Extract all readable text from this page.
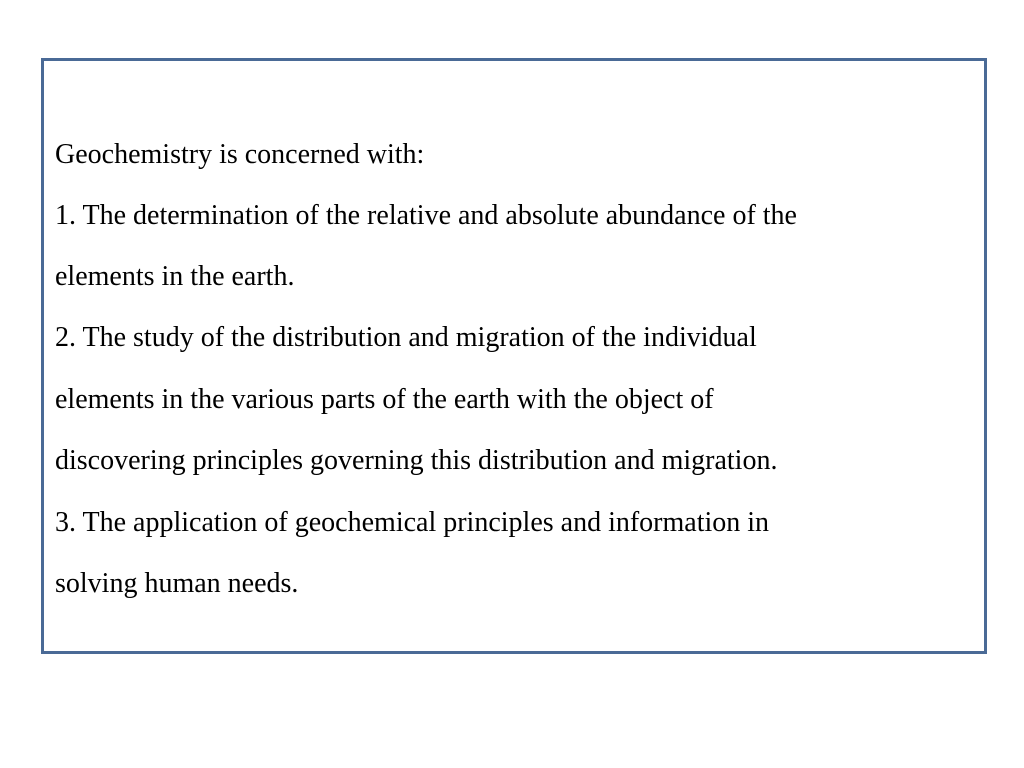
Geochemistry is concerned with:
1. The determination of the relative and absolute abundance of the
elements in the earth.
2. The study of the distribution and migration of the individual
elements in the various parts of the earth with the object of
discovering principles governing this distribution and migration.
3. The application of geochemical principles and information in
solving human needs.
